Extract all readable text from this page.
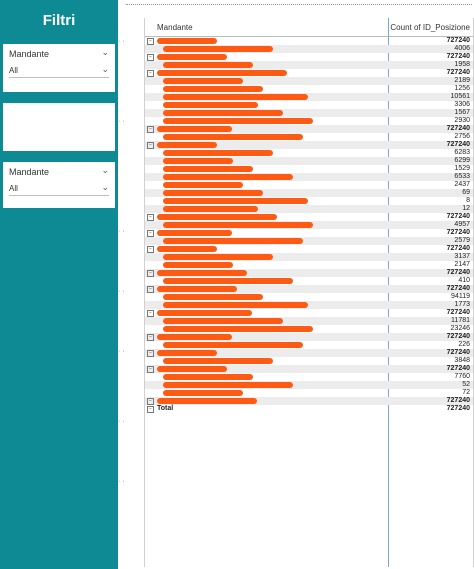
Filtri
Mandante	⌄
All	⌄
Mandante	⌄
All	⌄
Mandante	Count of ID_Posizione
−	727240
4006
−	727240
1958
−	727240
2189
1256
10561
3306
1567
2930
−	727240
2756
−	727240
6283
6299
1529
6533
2437
69
8
12
−	727240
4957
−	727240
2579
−	727240
3137
2147
−	727240
410
−	727240
94119
1773
−	727240
11781
23246
−	727240
226
−	727240
3848
−	727240
7760
52
72
−	727240
− Total	727240
· ·
· ·
· ·
· ·
· ·
· ·
· ·
